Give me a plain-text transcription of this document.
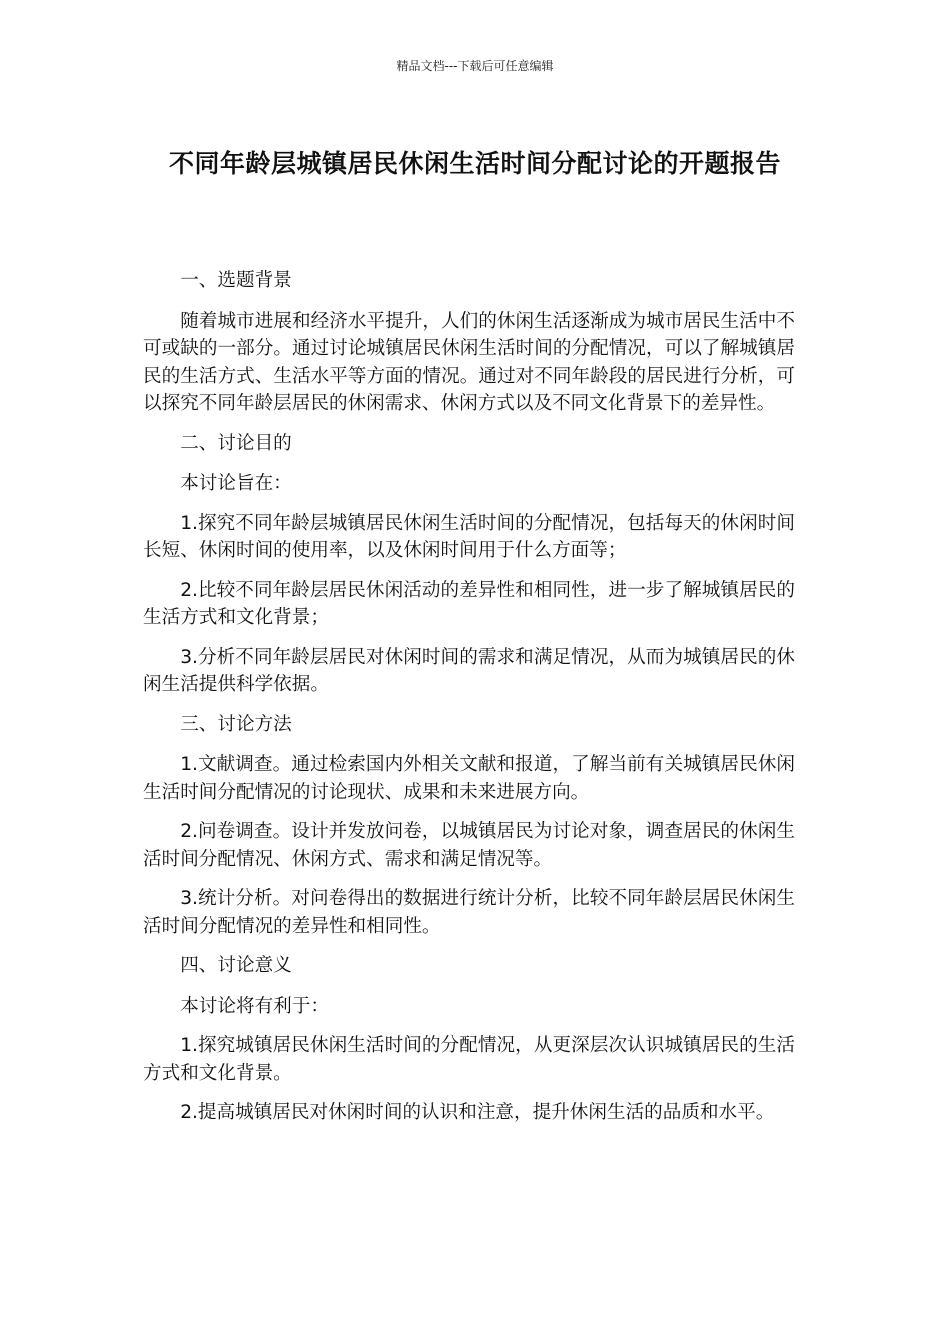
精品文档---下载后可任意编辑
不同年龄层城镇居民休闲生活时间分配讨论的开题报告

一、选题背景

随着城市进展和经济水平提升，人们的休闲生活逐渐成为城市居民生活中不可或缺的一部分。通过讨论城镇居民休闲生活时间的分配情况，可以了解城镇居民的生活方式、生活水平等方面的情况。通过对不同年龄段的居民进行分析，可以探究不同年龄层居民的休闲需求、休闲方式以及不同文化背景下的差异性。

二、讨论目的

本讨论旨在：

1.探究不同年龄层城镇居民休闲生活时间的分配情况，包括每天的休闲时间长短、休闲时间的使用率，以及休闲时间用于什么方面等；

2.比较不同年龄层居民休闲活动的差异性和相同性，进一步了解城镇居民的生活方式和文化背景；

3.分析不同年龄层居民对休闲时间的需求和满足情况，从而为城镇居民的休闲生活提供科学依据。

三、讨论方法

1.文献调查。通过检索国内外相关文献和报道，了解当前有关城镇居民休闲生活时间分配情况的讨论现状、成果和未来进展方向。

2.问卷调查。设计并发放问卷，以城镇居民为讨论对象，调查居民的休闲生活时间分配情况、休闲方式、需求和满足情况等。

3.统计分析。对问卷得出的数据进行统计分析，比较不同年龄层居民休闲生活时间分配情况的差异性和相同性。

四、讨论意义

本讨论将有利于：

1.探究城镇居民休闲生活时间的分配情况，从更深层次认识城镇居民的生活方式和文化背景。

2.提高城镇居民对休闲时间的认识和注意，提升休闲生活的品质和水平。
